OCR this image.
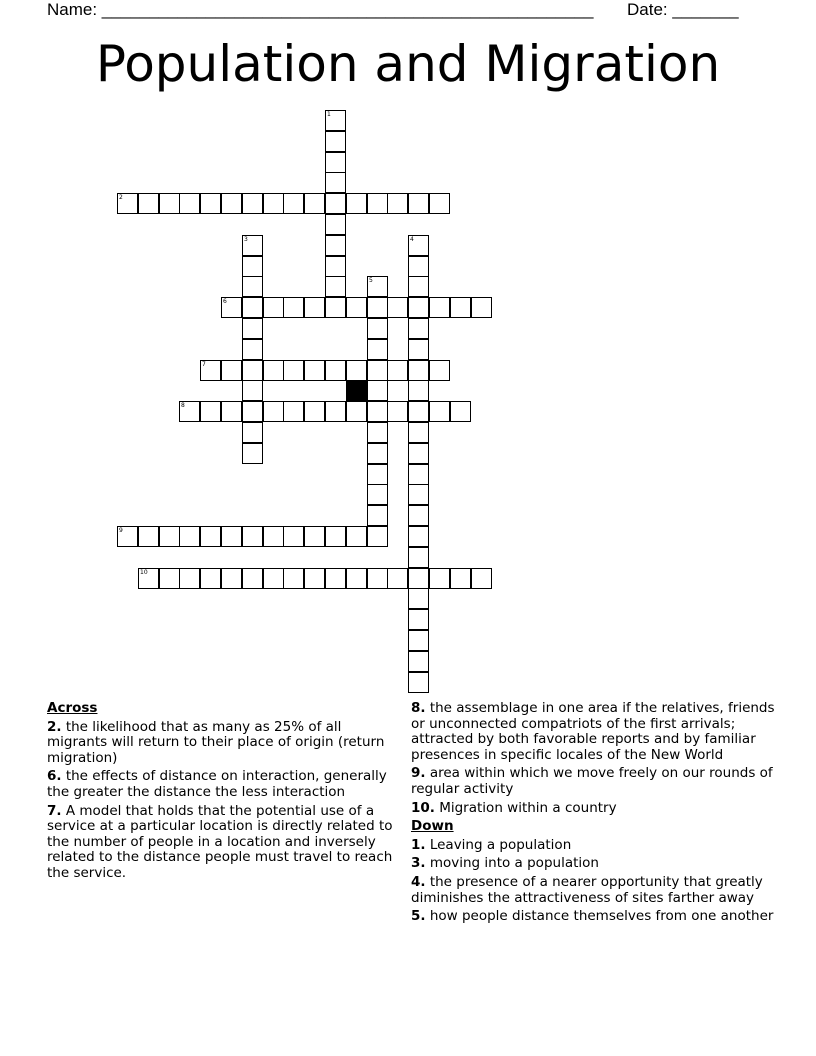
Name: ____________________________________________________ Date: _______
Population and Migration
1
2
3	4
5
6
7
8
9
10
Across
2. the likelihood that as many as 25% of all migrants will return to their place of origin (return migration)
6. the effects of distance on interaction, generally the greater the distance the less interaction
7. A model that holds that the potential use of a service at a particular location is directly related to the number of people in a location and inversely related to the distance people must travel to reach the service.
8. the assemblage in one area if the relatives, friends or unconnected compatriots of the first arrivals; attracted by both favorable reports and by familiar presences in specific locales of the New World
9. area within which we move freely on our rounds of regular activity
10. Migration within a country
Down
1. Leaving a population
3. moving into a population
4. the presence of a nearer opportunity that greatly diminishes the attractiveness of sites farther away
5. how people distance themselves from one another
